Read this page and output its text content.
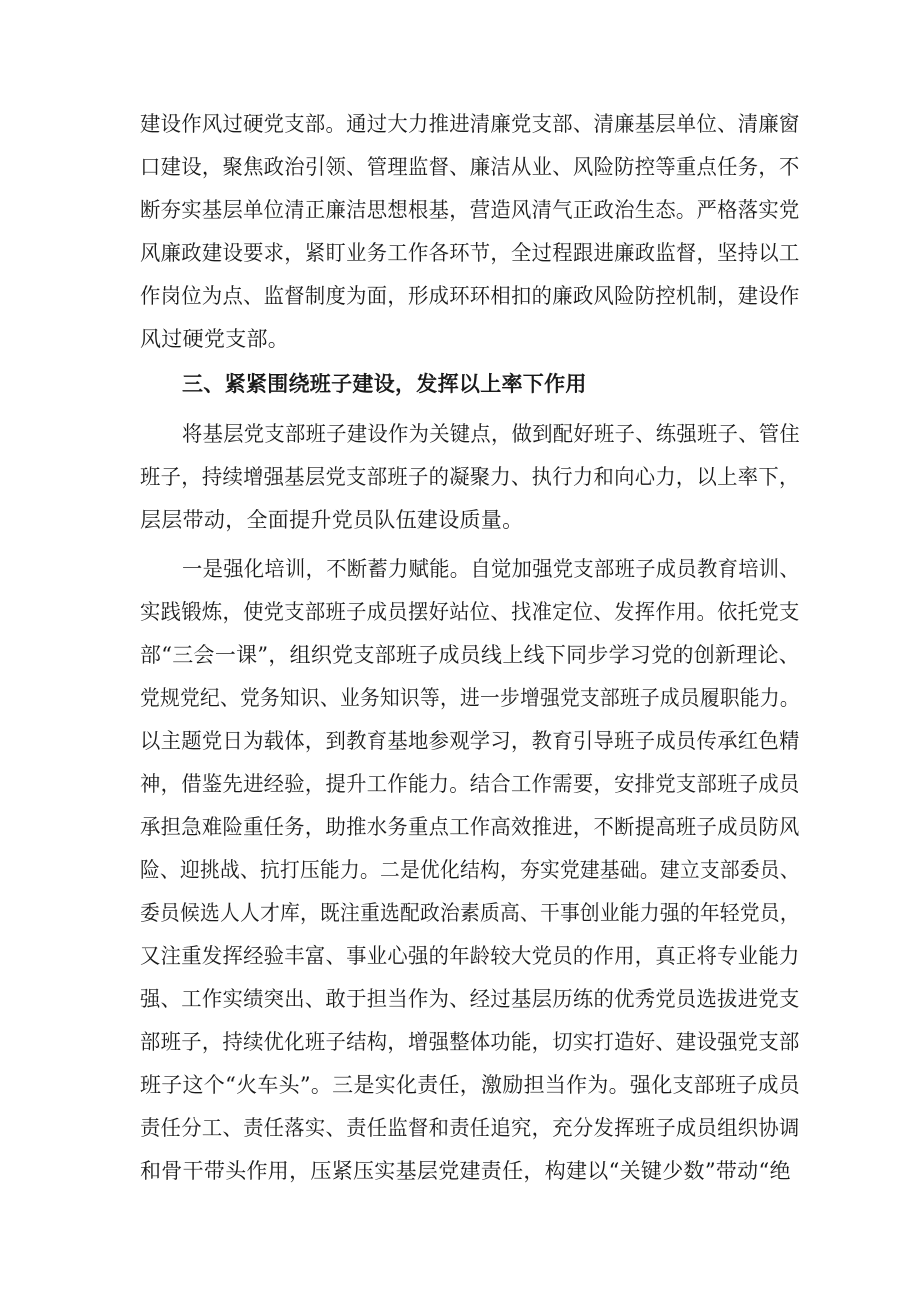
建设作风过硬党支部。通过大力推进清廉党支部、清廉基层单位、清廉窗
口建设，聚焦政治引领、管理监督、廉洁从业、风险防控等重点任务，不
断夯实基层单位清正廉洁思想根基，营造风清气正政治生态。严格落实党
风廉政建设要求，紧盯业务工作各环节，全过程跟进廉政监督，坚持以工
作岗位为点、监督制度为面，形成环环相扣的廉政风险防控机制，建设作
风过硬党支部。
三、紧紧围绕班子建设，发挥以上率下作用
将基层党支部班子建设作为关键点，做到配好班子、练强班子、管住
班子，持续增强基层党支部班子的凝聚力、执行力和向心力，以上率下，
层层带动，全面提升党员队伍建设质量。
一是强化培训，不断蓄力赋能。自觉加强党支部班子成员教育培训、
实践锻炼，使党支部班子成员摆好站位、找准定位、发挥作用。依托党支
部“三会一课”，组织党支部班子成员线上线下同步学习党的创新理论、
党规党纪、党务知识、业务知识等，进一步增强党支部班子成员履职能力。
以主题党日为载体，到教育基地参观学习，教育引导班子成员传承红色精
神，借鉴先进经验，提升工作能力。结合工作需要，安排党支部班子成员
承担急难险重任务，助推水务重点工作高效推进，不断提高班子成员防风
险、迎挑战、抗打压能力。二是优化结构，夯实党建基础。建立支部委员、
委员候选人人才库，既注重选配政治素质高、干事创业能力强的年轻党员，
又注重发挥经验丰富、事业心强的年龄较大党员的作用，真正将专业能力
强、工作实绩突出、敢于担当作为、经过基层历练的优秀党员选拔进党支
部班子，持续优化班子结构，增强整体功能，切实打造好、建设强党支部
班子这个“火车头”。三是实化责任，激励担当作为。强化支部班子成员
责任分工、责任落实、责任监督和责任追究，充分发挥班子成员组织协调
和骨干带头作用，压紧压实基层党建责任，构建以“关键少数”带动“绝
